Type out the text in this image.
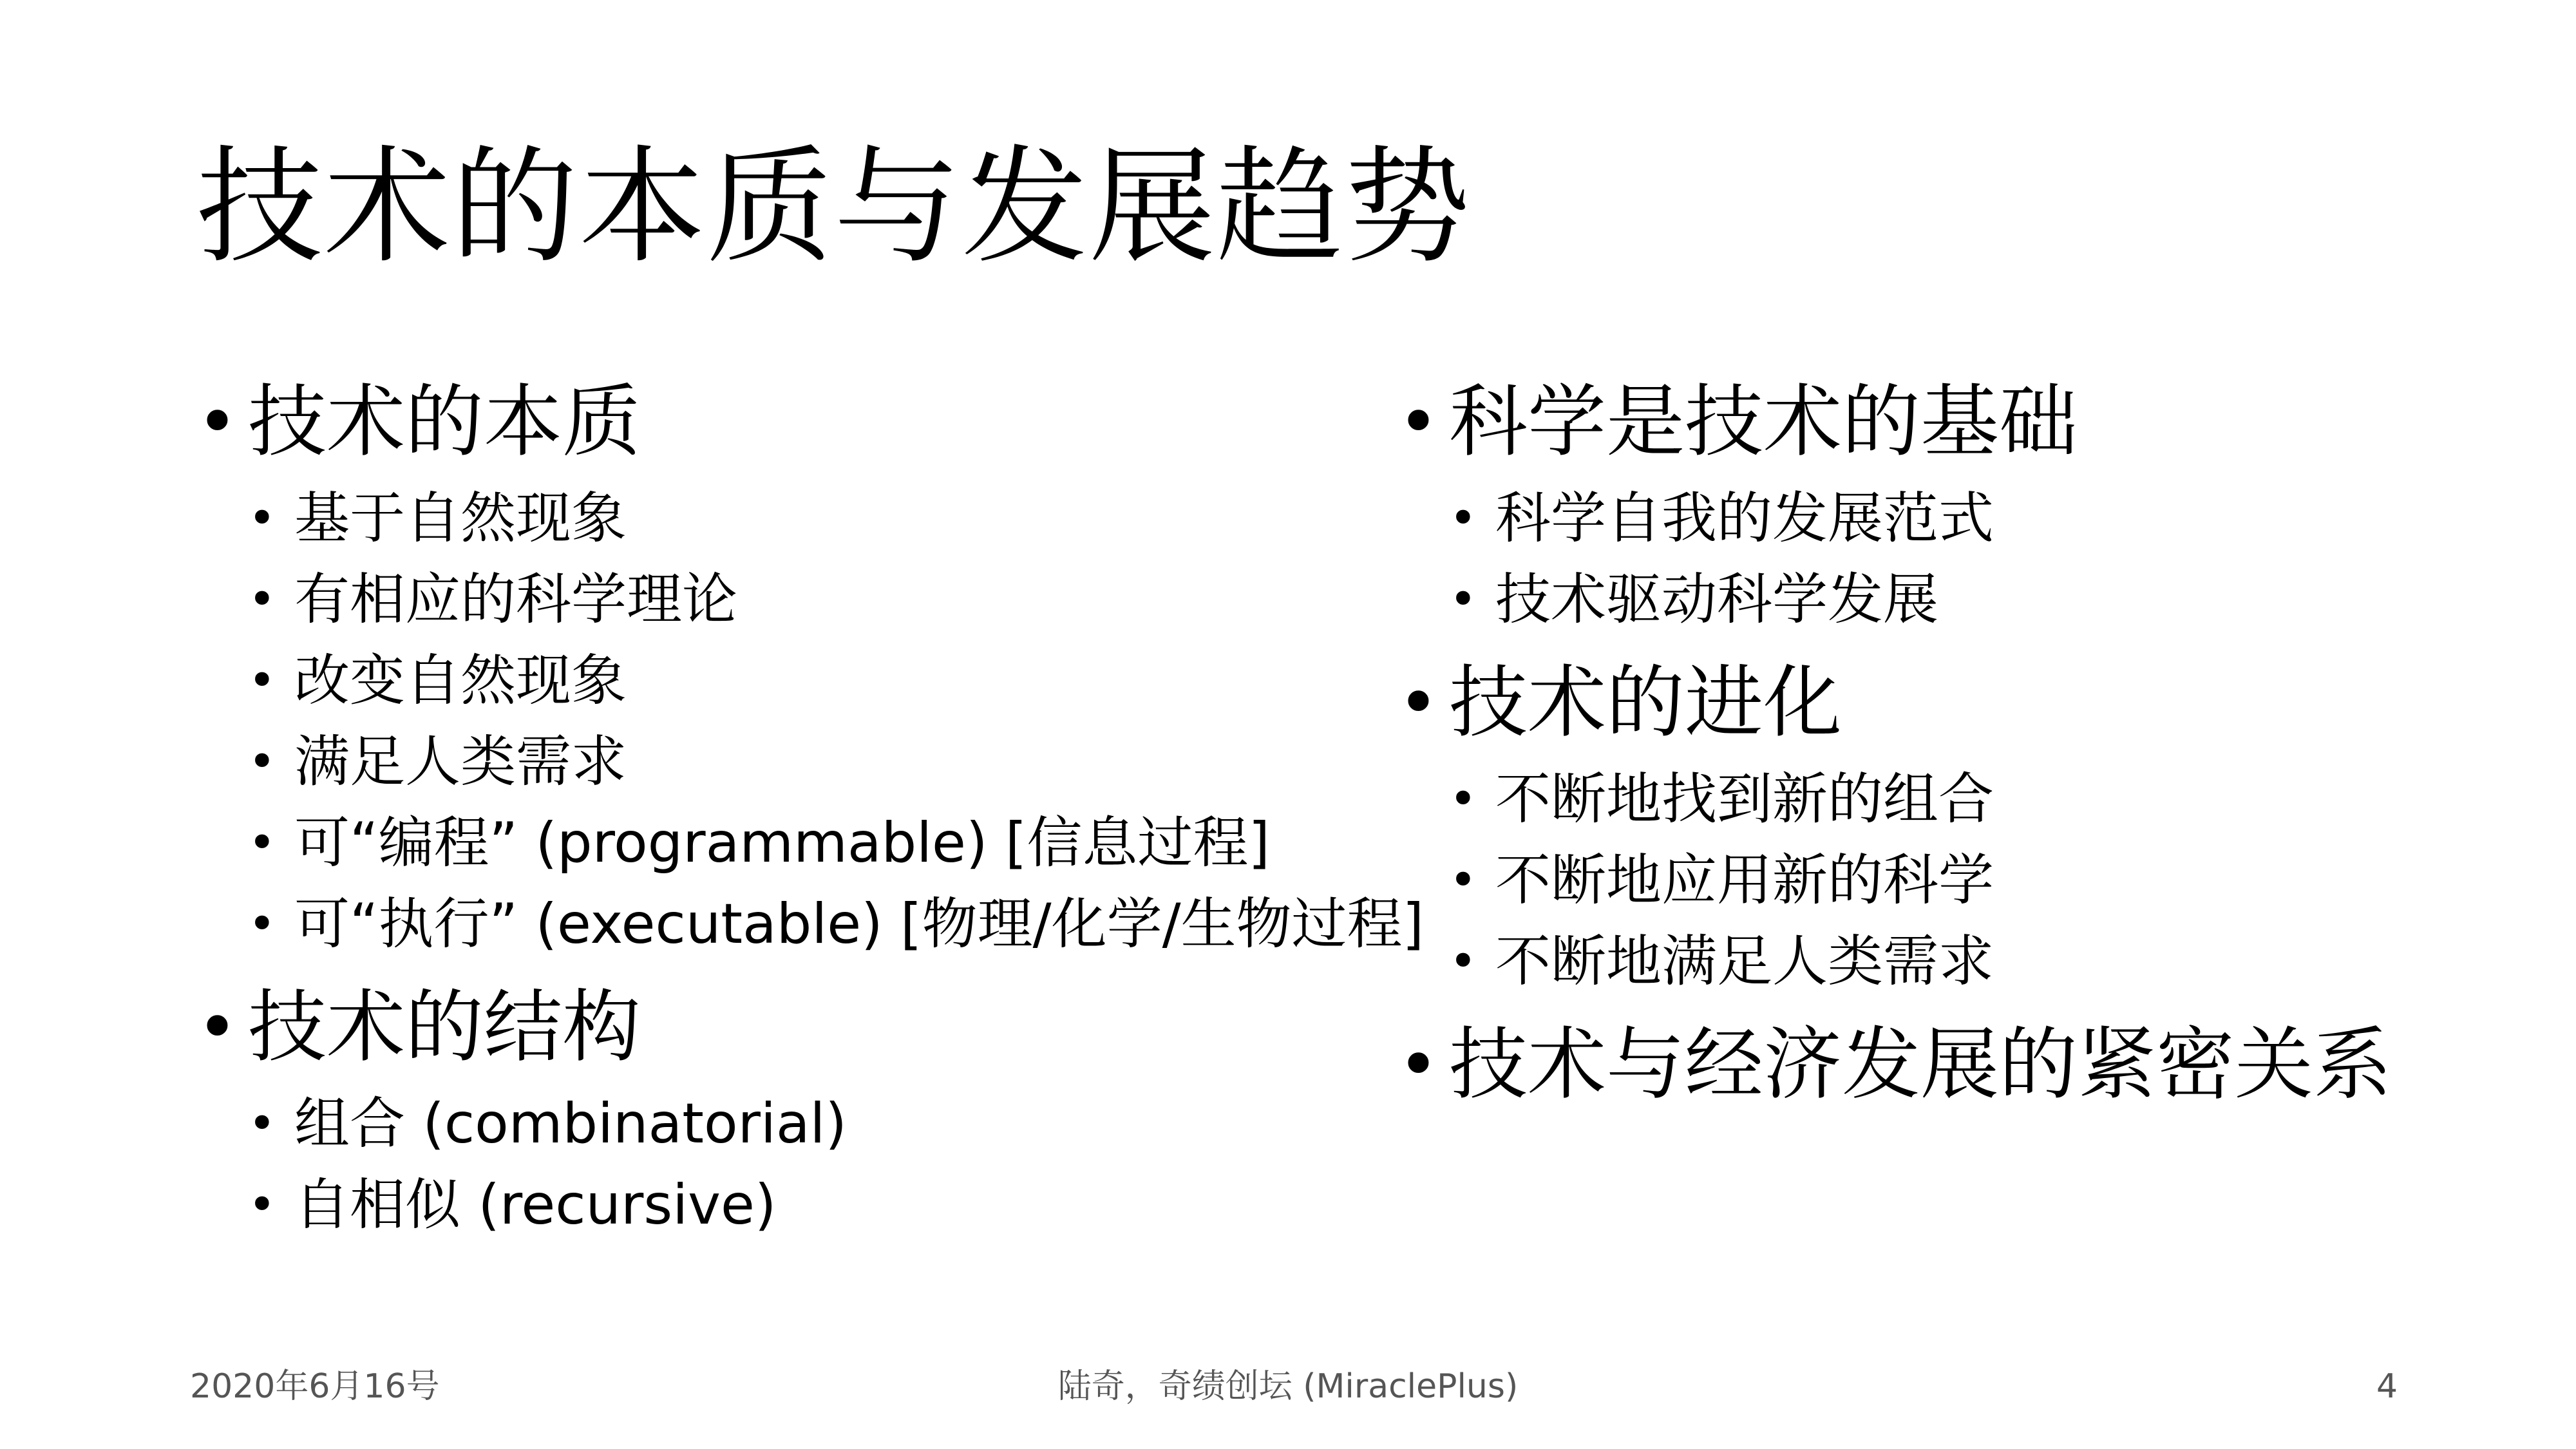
技术的本质与发展趋势
• 技术的本质
• 基于自然现象
• 有相应的科学理论
• 改变自然现象
• 满足人类需求
• 可“编程” (programmable) [信息过程]
• 可“执行” (executable) [物理/化学/生物过程]
• 技术的结构
• 组合 (combinatorial)
• 自相似 (recursive)
• 科学是技术的基础
• 科学自我的发展范式
• 技术驱动科学发展
• 技术的进化
• 不断地找到新的组合
• 不断地应用新的科学
• 不断地满足人类需求
• 技术与经济发展的紧密关系
2020年6月16号	陆奇，奇绩创坛 (MiraclePlus)	4
